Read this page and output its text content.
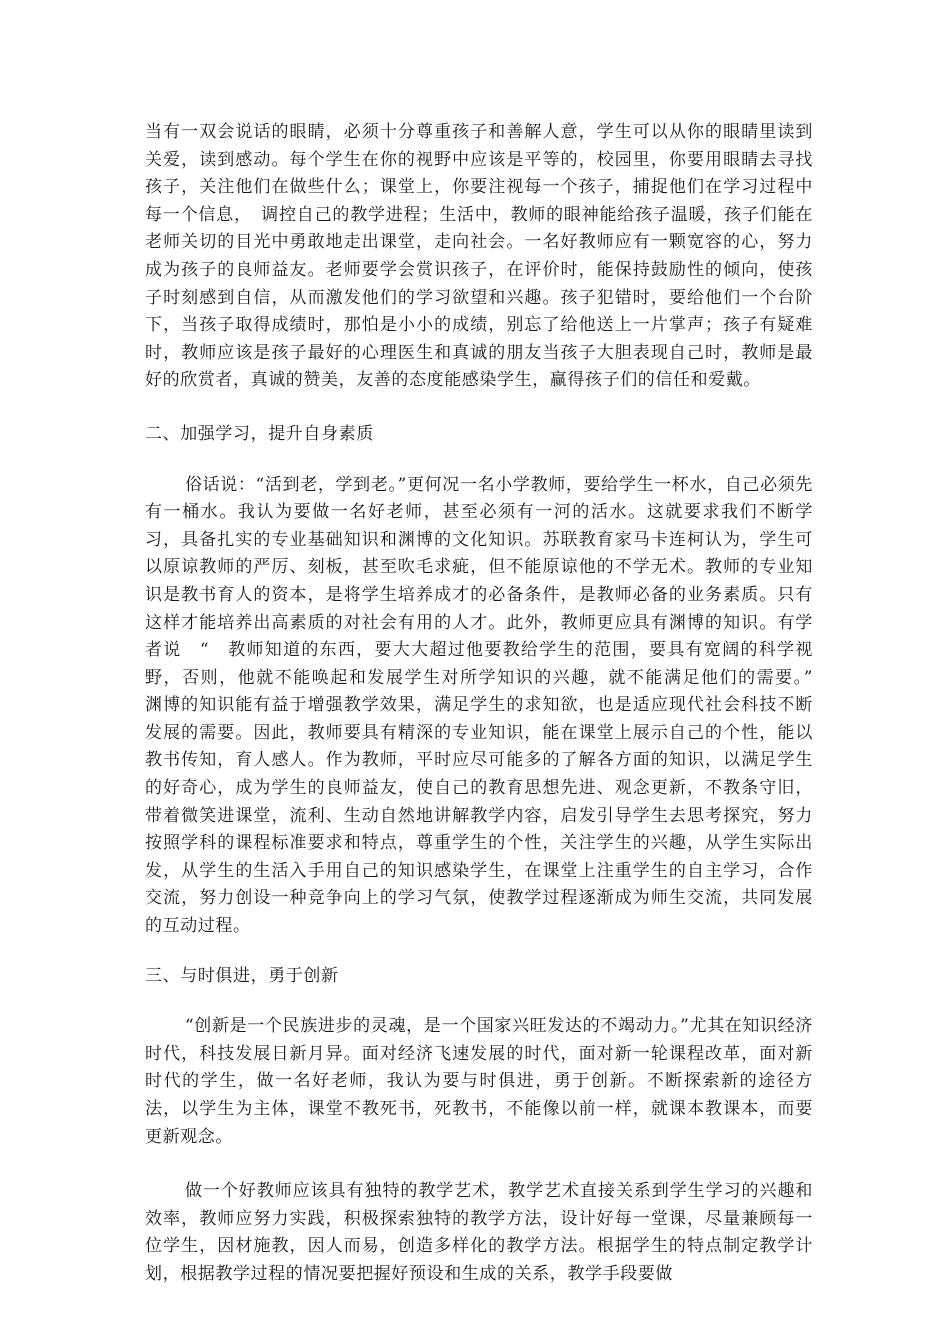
当有一双会说话的眼睛，必须十分尊重孩子和善解人意，学生可以从你的眼睛里读到关爱，读到感动。每个学生在你的视野中应该是平等的，校园里，你要用眼睛去寻找孩子，关注他们在做些什么；课堂上，你要注视每一个孩子，捕捉他们在学习过程中每一个信息，　调控自己的教学进程；生活中，教师的眼神能给孩子温暖，孩子们能在老师关切的目光中勇敢地走出课堂，走向社会。一名好教师应有一颗宽容的心，努力成为孩子的良师益友。老师要学会赏识孩子，在评价时，能保持鼓励性的倾向，使孩子时刻感到自信，从而激发他们的学习欲望和兴趣。孩子犯错时，要给他们一个台阶下，当孩子取得成绩时，那怕是小小的成绩，别忘了给他送上一片掌声；孩子有疑难时，教师应该是孩子最好的心理医生和真诚的朋友当孩子大胆表现自己时，教师是最好的欣赏者，真诚的赞美，友善的态度能感染学生，赢得孩子们的信任和爱戴。

二、加强学习，提升自身素质

俗话说：“活到老，学到老。”更何况一名小学教师，要给学生一杯水，自己必须先有一桶水。我认为要做一名好老师，甚至必须有一河的活水。这就要求我们不断学习，具备扎实的专业基础知识和渊博的文化知识。苏联教育家马卡连柯认为，学生可以原谅教师的严厉、刻板，甚至吹毛求疵，但不能原谅他的不学无术。教师的专业知识是教书育人的资本，是将学生培养成才的必备条件，是教师必备的业务素质。只有这样才能培养出高素质的对社会有用的人才。此外，教师更应具有渊博的知识。有学者说　“　教师知道的东西，要大大超过他要教给学生的范围，要具有宽阔的科学视野，否则，他就不能唤起和发展学生对所学知识的兴趣，就不能满足他们的需要。”　渊博的知识能有益于增强教学效果，满足学生的求知欲，也是适应现代社会科技不断发展的需要。因此，教师要具有精深的专业知识，能在课堂上展示自己的个性，能以教书传知，育人感人。作为教师，平时应尽可能多的了解各方面的知识，以满足学生的好奇心，成为学生的良师益友，使自己的教育思想先进、观念更新，不教条守旧，带着微笑进课堂，流利、生动自然地讲解教学内容，启发引导学生去思考探究，努力按照学科的课程标准要求和特点，尊重学生的个性，关注学生的兴趣，从学生实际出发，从学生的生活入手用自己的知识感染学生，在课堂上注重学生的自主学习，合作交流，努力创设一种竞争向上的学习气氛，使教学过程逐渐成为师生交流，共同发展的互动过程。

三、与时俱进，勇于创新

“创新是一个民族进步的灵魂，是一个国家兴旺发达的不竭动力。”尤其在知识经济时代，科技发展日新月异。面对经济飞速发展的时代，面对新一轮课程改革，面对新时代的学生，做一名好老师，我认为要与时俱进，勇于创新。不断探索新的途径方法，以学生为主体，课堂不教死书，死教书，不能像以前一样，就课本教课本，而要更新观念。

做一个好教师应该具有独特的教学艺术，教学艺术直接关系到学生学习的兴趣和效率，教师应努力实践，积极探索独特的教学方法，设计好每一堂课，尽量兼顾每一位学生，因材施教，因人而易，创造多样化的教学方法。根据学生的特点制定教学计划，根据教学过程的情况要把握好预设和生成的关系，教学手段要做
